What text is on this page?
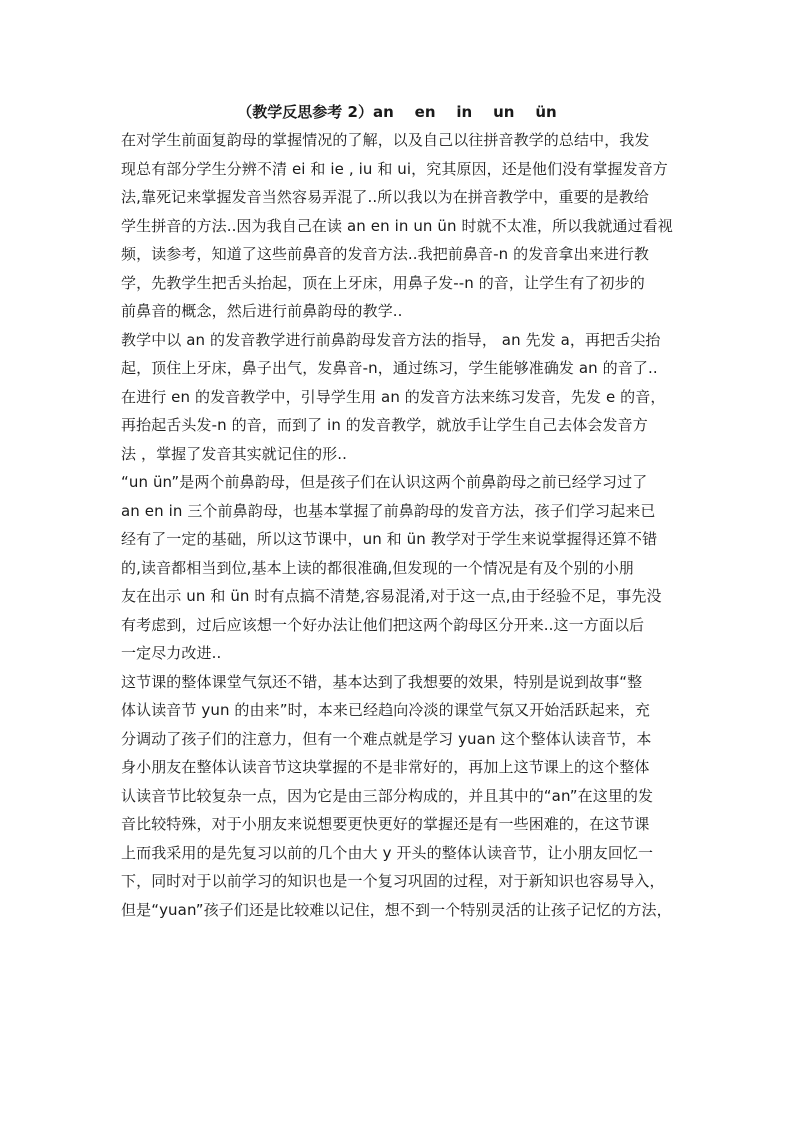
（教学反思参考 2）an    en    in    un    ün
在对学生前面复韵母的掌握情况的了解，以及自己以往拼音教学的总结中，我发
现总有部分学生分辨不清 ei 和 ie , iu 和 ui，究其原因，还是他们没有掌握发音方
法,靠死记来掌握发音当然容易弄混了..所以我以为在拼音教学中，重要的是教给
学生拼音的方法..因为我自己在读 an en in un ün 时就不太准，所以我就通过看视
频，读参考，知道了这些前鼻音的发音方法..我把前鼻音-n 的发音拿出来进行教
学，先教学生把舌头抬起，顶在上牙床，用鼻子发--n 的音，让学生有了初步的
前鼻音的概念，然后进行前鼻韵母的教学..
教学中以 an 的发音教学进行前鼻韵母发音方法的指导， an 先发 a，再把舌尖抬
起，顶住上牙床，鼻子出气，发鼻音-n，通过练习，学生能够准确发 an 的音了..
在进行 en 的发音教学中，引导学生用 an 的发音方法来练习发音，先发 e 的音，
再抬起舌头发-n 的音，而到了 in 的发音教学，就放手让学生自己去体会发音方
法 ，掌握了发音其实就记住的形..
“un ün”是两个前鼻韵母，但是孩子们在认识这两个前鼻韵母之前已经学习过了
an en in 三个前鼻韵母，也基本掌握了前鼻韵母的发音方法，孩子们学习起来已
经有了一定的基础，所以这节课中，un 和 ün 教学对于学生来说掌握得还算不错
的,读音都相当到位,基本上读的都很准确,但发现的一个情况是有及个别的小朋
友在出示 un 和 ün 时有点搞不清楚,容易混淆,对于这一点,由于经验不足，事先没
有考虑到，过后应该想一个好办法让他们把这两个韵母区分开来..这一方面以后
一定尽力改进..
这节课的整体课堂气氛还不错，基本达到了我想要的效果，特别是说到故事“整
体认读音节 yun 的由来”时，本来已经趋向冷淡的课堂气氛又开始活跃起来，充
分调动了孩子们的注意力，但有一个难点就是学习 yuan 这个整体认读音节，本
身小朋友在整体认读音节这块掌握的不是非常好的，再加上这节课上的这个整体
认读音节比较复杂一点，因为它是由三部分构成的，并且其中的“an”在这里的发
音比较特殊，对于小朋友来说想要更快更好的掌握还是有一些困难的，在这节课
上而我采用的是先复习以前的几个由大 y 开头的整体认读音节，让小朋友回忆一
下，同时对于以前学习的知识也是一个复习巩固的过程，对于新知识也容易导入，
但是“yuan”孩子们还是比较难以记住，想不到一个特别灵活的让孩子记忆的方法，
